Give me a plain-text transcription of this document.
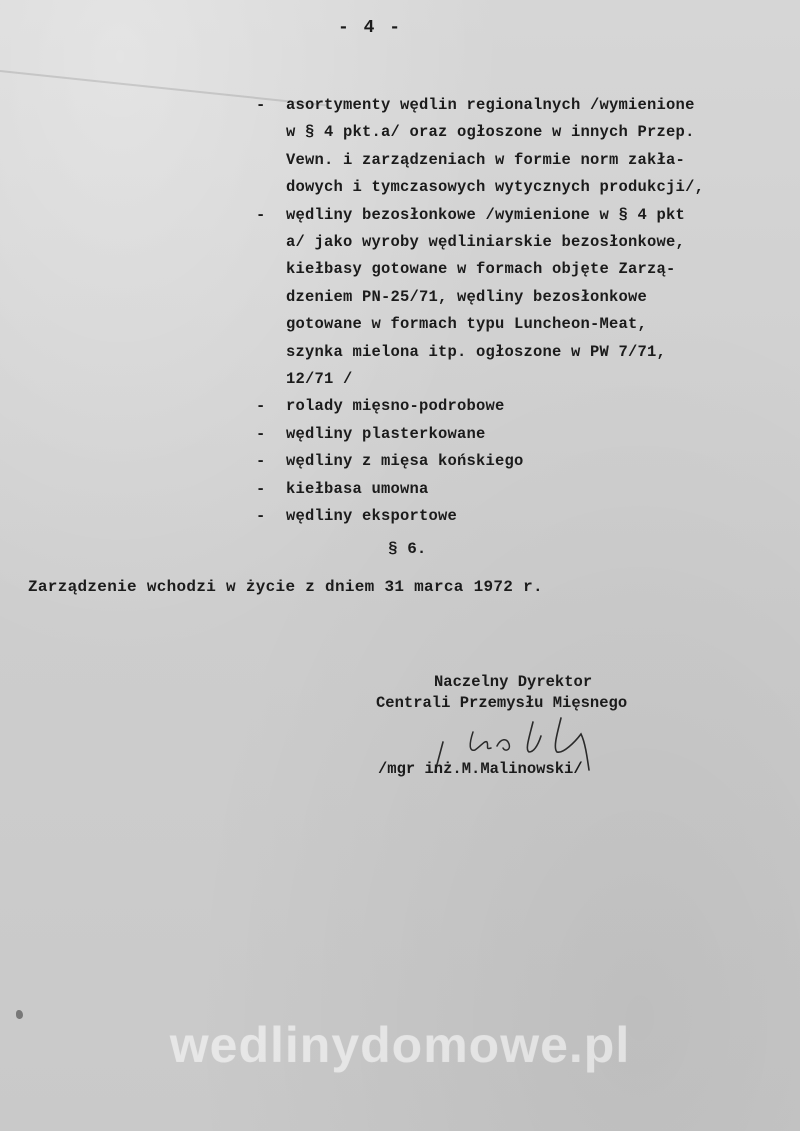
- 4 -
- asortymenty wędlin regionalnych /wymienione
w § 4 pkt.a/ oraz ogłoszone w innych Przep.
Vewn. i zarządzeniach w formie norm zakła-
dowych i tymczasowych wytycznych produkcji/,
- wędliny bezosłonkowe /wymienione w § 4 pkt
a/ jako wyroby wędliniarskie bezosłonkowe,
kiełbasy gotowane w formach objęte Zarzą-
dzeniem PN-25/71, wędliny bezosłonkowe
gotowane w formach typu Luncheon-Meat,
szynka mielona itp. ogłoszone w PW 7/71,
12/71 /
- rolady mięsno-podrobowe
- wędliny plasterkowane
- wędliny z mięsa końskiego
- kiełbasa umowna
- wędliny eksportowe
§ 6.
Zarządzenie wchodzi w życie z dniem 31 marca 1972 r.
Naczelny Dyrektor
Centrali Przemysłu Mięsnego
/mgr inż.M.Malinowski/
wedlinydomowe.pl
